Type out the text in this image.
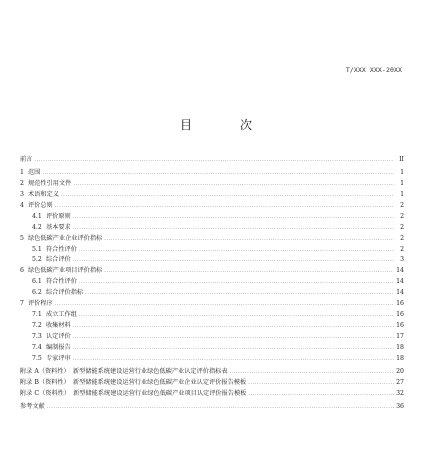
T/XXX XXX-20XX
目　次
前言 .....	II
1 范围 .....	1
2 规范性引用文件 .....	1
3 术语和定义 .....	1
4 评价总则 .....	2
4.1 评价原则 .....	2
4.2 基本要求 .....	2
5 绿色低碳产业企业评价指标 .....	2
5.1 符合性评价 .....	2
5.2 综合评价 .....	3
6 绿色低碳产业项目评价指标 .....	14
6.1 符合性评价 .....	14
6.2 综合评价指标 .....	14
7 评价程序 .....	16
7.1 成立工作组 .....	16
7.2 收集材料 .....	16
7.3 认定评价 .....	17
7.4 编制报告 .....	18
7.5 专家评审 .....	18
附录 A（资料性）　新型储能系统建设运营行业绿色低碳产业认定评价指标表 .....	20
附录 B（资料性）　新型储能系统建设运营行业绿色低碳产业企业认定评价报告模板 .....	27
附录 C（资料性）　新型储能系统建设运营行业绿色低碳产业项目认定评价报告模板 .....	32
参考文献 .....	36
